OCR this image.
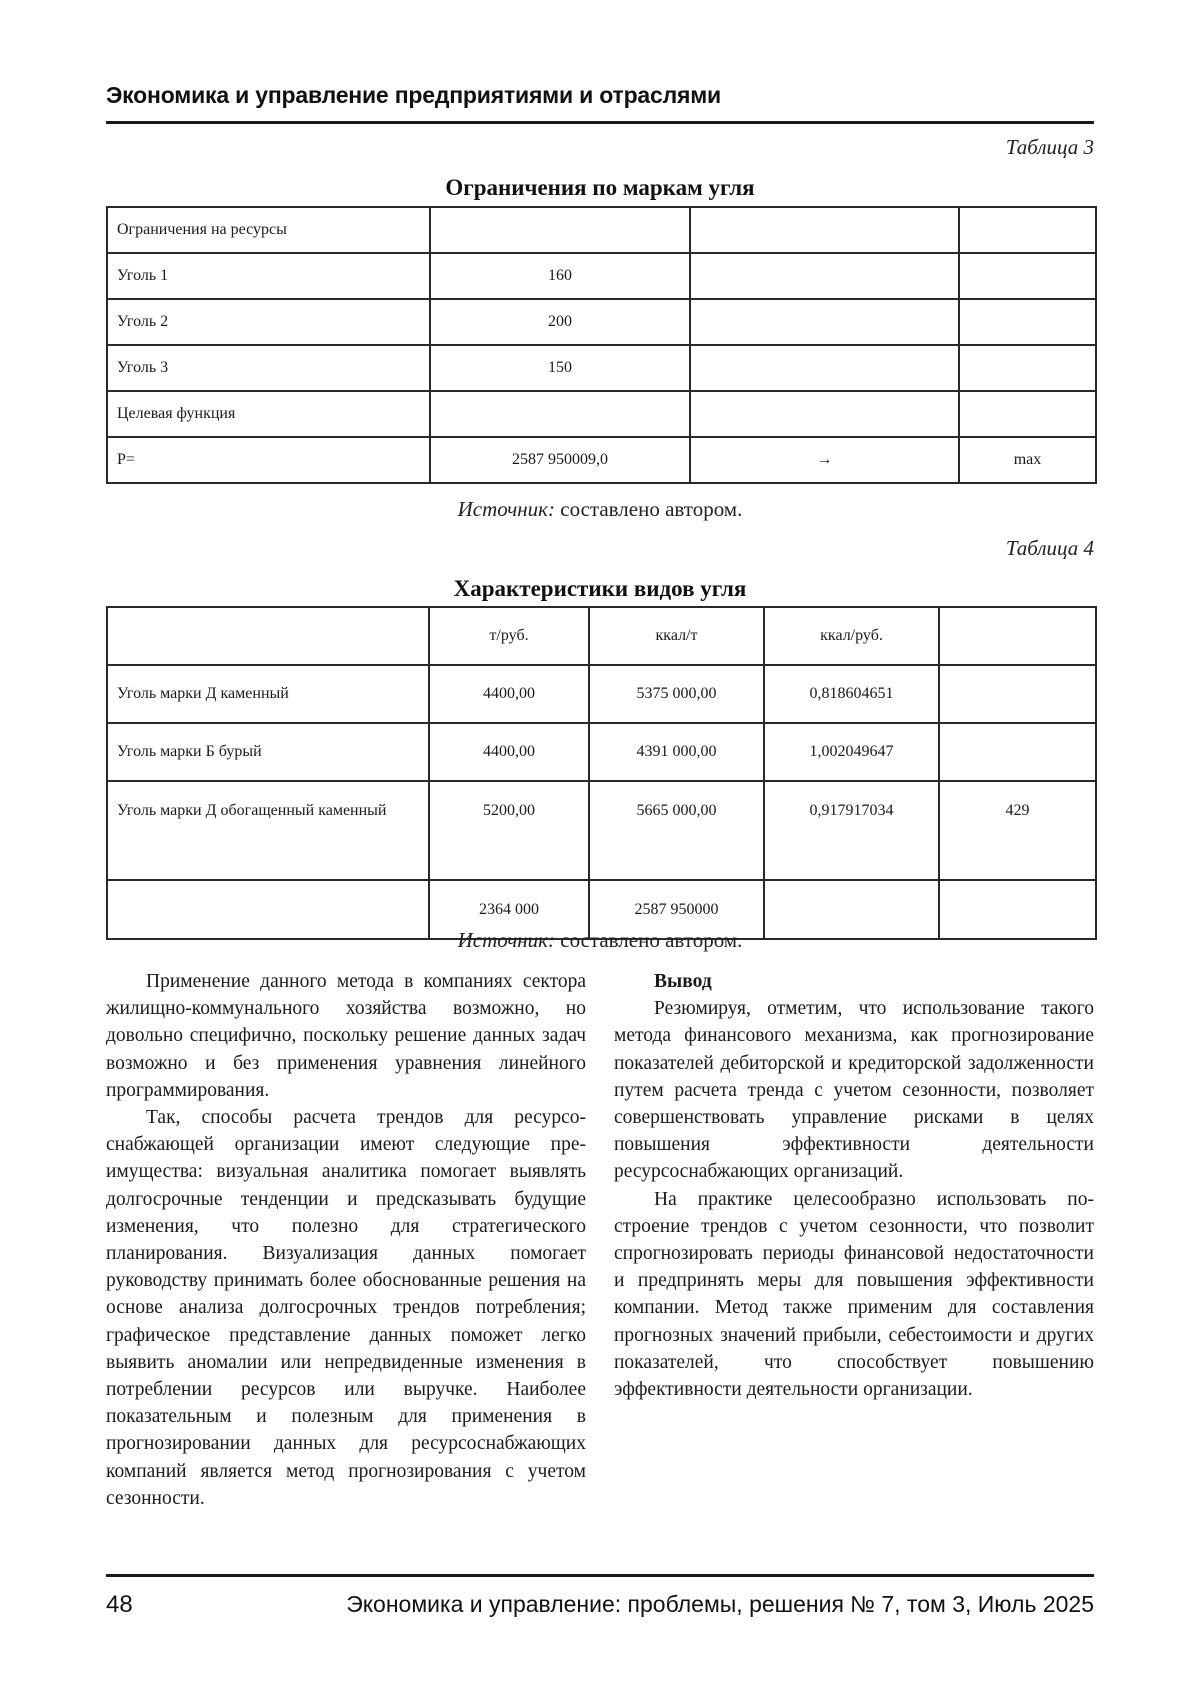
Экономика и управление предприятиями и отраслями
Таблица 3
Ограничения по маркам угля
Ограничения на ресурсы			
Уголь 1	160		
Уголь 2	200		
Уголь 3	150		
Целевая функция			
P=	2587 950009,0	→	max
Источник: составлено автором.
Таблица 4
Характеристики видов угля
	т/руб.	ккал/т	ккал/руб.	
Уголь марки Д каменный	4400,00	5375 000,00	0,818604651	
Уголь марки Б бурый	4400,00	4391 000,00	1,002049647	
Уголь марки Д обогащенный каменный	5200,00	5665 000,00	0,917917034	429
	2364 000	2587 950000		
Источник: составлено автором.

Применение данного метода в компаниях сектора жилищно-коммунального хозяйства возможно, но довольно специфично, поскольку решение данных задач возможно и без применения уравнения линейного программирования.

Так, способы расчета трендов для ресурсоснабжающей организации имеют следующие преимущества: визуальная аналитика помогает выявлять долгосрочные тенденции и предсказывать будущие изменения, что полезно для стратегического планирования. Визуализация данных помогает руководству принимать более обоснованные решения на основе анализа долгосрочных трендов потребления; графическое представление данных поможет легко выявить аномалии или непредвиденные изменения в потреблении ресурсов или выручке. Наиболее показательным и полезным для применения в прогнозировании данных для ресурсоснабжающих компаний является метод прогнозирования с учетом сезонности.

Вывод

Резюмируя, отметим, что использование такого метода финансового механизма, как прогнозирование показателей дебиторской и кредиторской задолженности путем расчета тренда с учетом сезонности, позволяет совершенствовать управление рисками в целях повышения эффективности деятельности ресурсоснабжающих организаций.

На практике целесообразно использовать построение трендов с учетом сезонности, что позволит спрогнозировать периоды финансовой недостаточности и предпринять меры для повышения эффективности компании. Метод также применим для составления прогнозных значений прибыли, себестоимости и других показателей, что способствует повышению эффективности деятельности организации.

48	Экономика и управление: проблемы, решения № 7, том 3, Июль 2025
